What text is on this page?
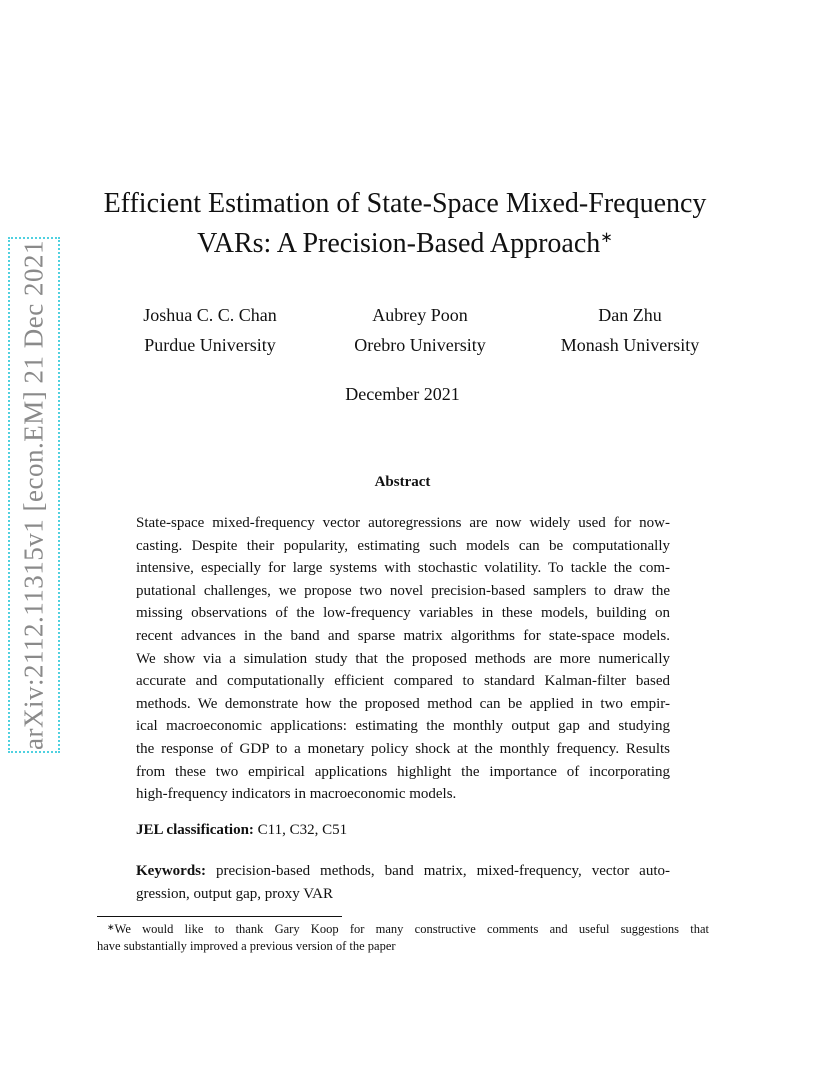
arXiv:2112.11315v1 [econ.EM] 21 Dec 2021
Efficient Estimation of State-Space Mixed-Frequency
VARs: A Precision-Based Approach∗
Joshua C. C. Chan
Purdue University
Aubrey Poon
Orebro University
Dan Zhu
Monash University
December 2021
Abstract
State-space mixed-frequency vector autoregressions are now widely used for now-
casting. Despite their popularity, estimating such models can be computationally
intensive, especially for large systems with stochastic volatility. To tackle the com-
putational challenges, we propose two novel precision-based samplers to draw the
missing observations of the low-frequency variables in these models, building on
recent advances in the band and sparse matrix algorithms for state-space models.
We show via a simulation study that the proposed methods are more numerically
accurate and computationally efficient compared to standard Kalman-filter based
methods. We demonstrate how the proposed method can be applied in two empir-
ical macroeconomic applications: estimating the monthly output gap and studying
the response of GDP to a monetary policy shock at the monthly frequency. Results
from these two empirical applications highlight the importance of incorporating
high-frequency indicators in macroeconomic models.
JEL classification: C11, C32, C51
Keywords: precision-based methods, band matrix, mixed-frequency, vector auto-
gression, output gap, proxy VAR
∗We would like to thank Gary Koop for many constructive comments and useful suggestions that
have substantially improved a previous version of the paper
